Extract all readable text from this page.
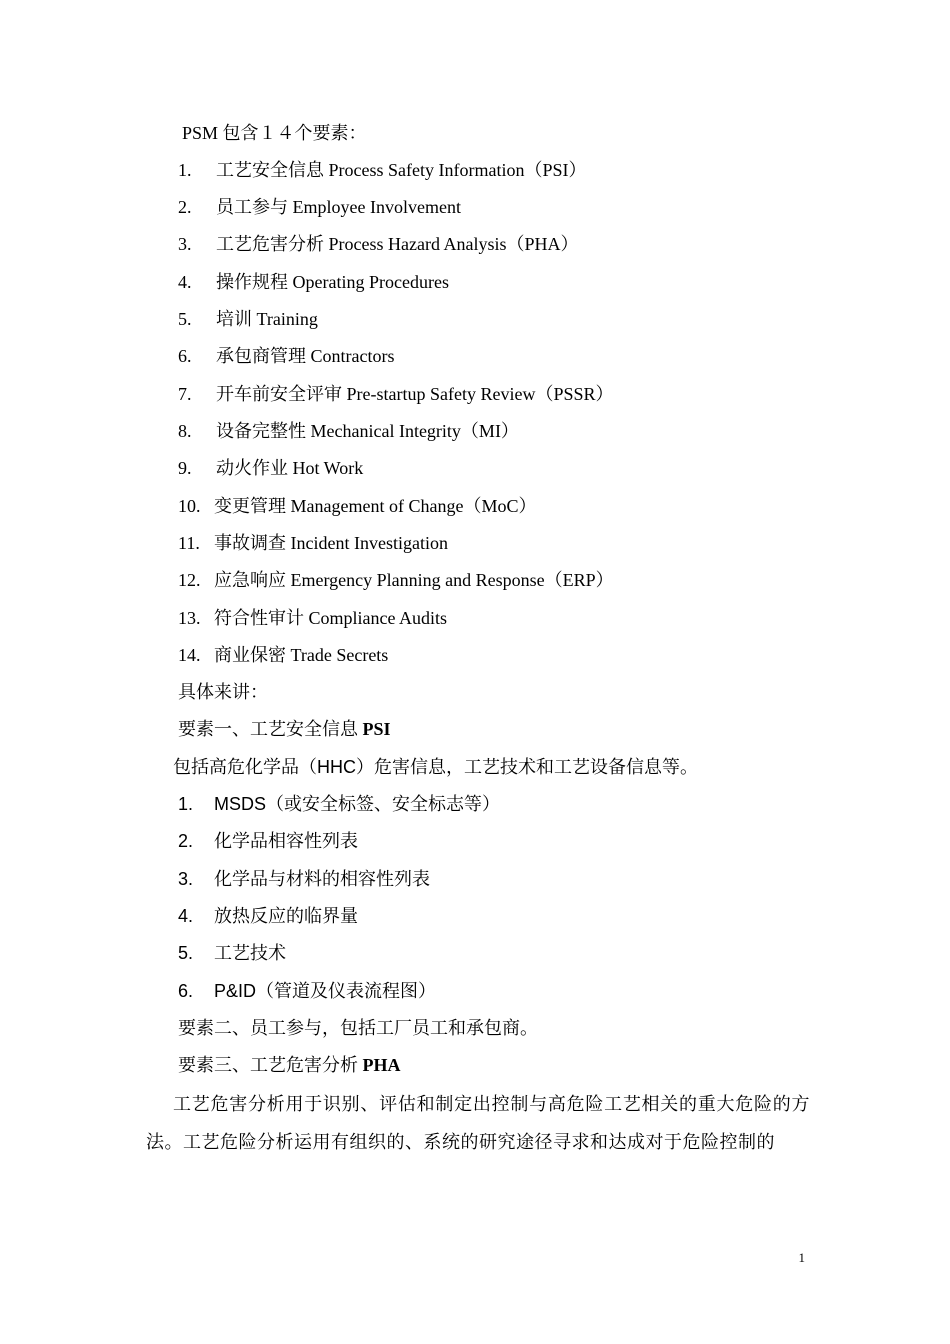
PSM 包含１４个要素：
1. 工艺安全信息 Process Safety Information（PSI）
2. 员工参与 Employee Involvement
3. 工艺危害分析 Process Hazard Analysis（PHA）
4. 操作规程 Operating Procedures
5. 培训 Training
6. 承包商管理 Contractors
7. 开车前安全评审 Pre-startup Safety Review（PSSR）
8. 设备完整性 Mechanical Integrity（MI）
9. 动火作业 Hot Work
10. 变更管理 Management of Change（MoC）
11. 事故调查 Incident Investigation
12. 应急响应 Emergency Planning and Response（ERP）
13. 符合性审计 Compliance Audits
14. 商业保密 Trade Secrets
具体来讲：
要素一、工艺安全信息 PSI
包括高危化学品（HHC）危害信息，工艺技术和工艺设备信息等。
1. MSDS（或安全标签、安全标志等）
2. 化学品相容性列表
3. 化学品与材料的相容性列表
4. 放热反应的临界量
5. 工艺技术
6. P&ID（管道及仪表流程图）
要素二、员工参与，包括工厂员工和承包商。
要素三、工艺危害分析 PHA
工艺危害分析用于识别、评估和制定出控制与高危险工艺相关的重大危险的方法。工艺危险分析运用有组织的、系统的研究途径寻求和达成对于危险控制的
1
